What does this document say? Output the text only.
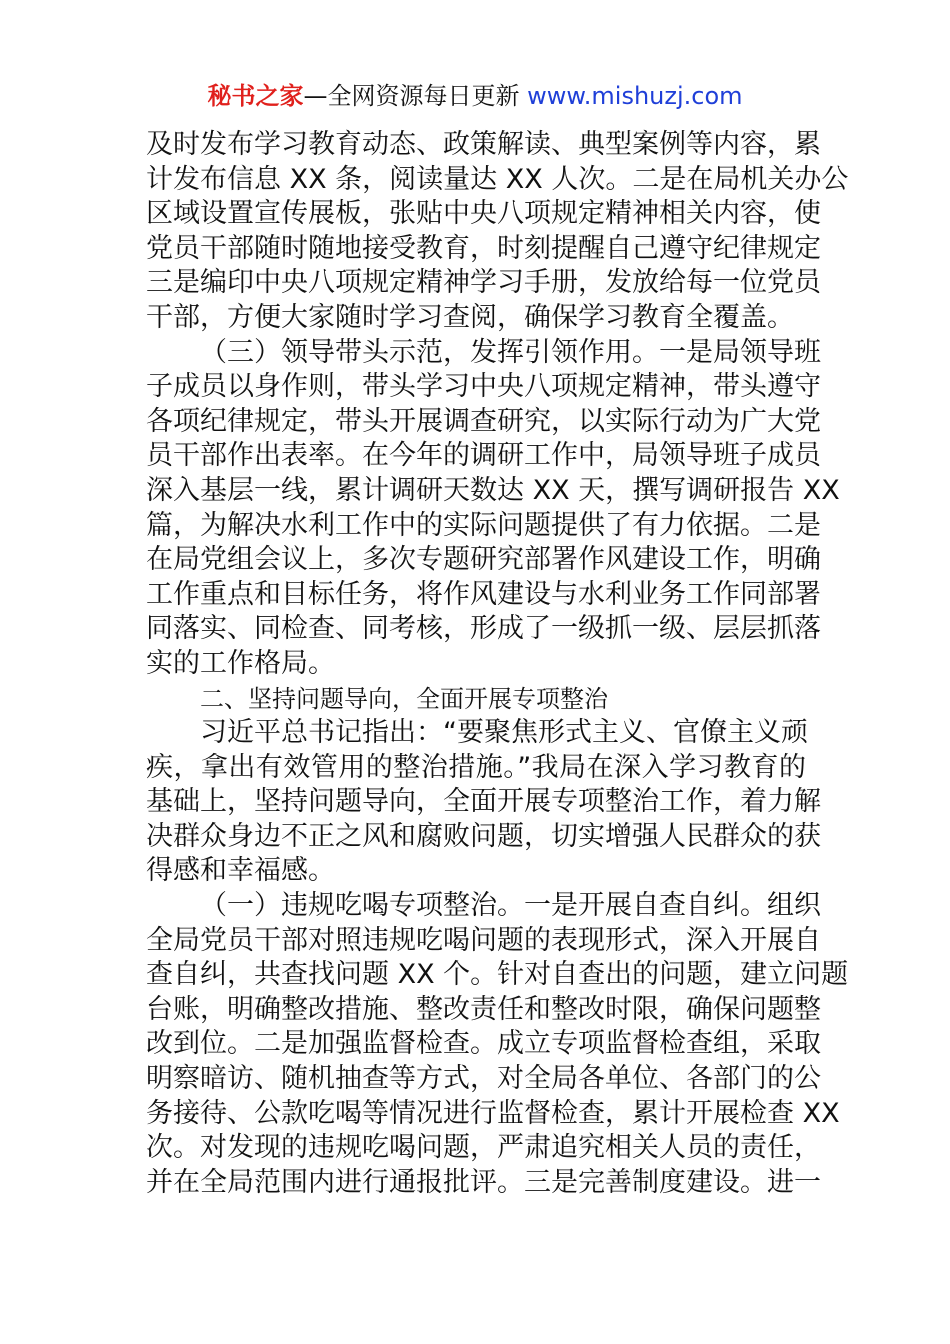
秘书之家—全网资源每日更新 www.mishuzj.com
及时发布学习教育动态、政策解读、典型案例等内容，累
计发布信息 XX 条，阅读量达 XX 人次。二是在局机关办公
区域设置宣传展板，张贴中央八项规定精神相关内容，使
党员干部随时随地接受教育，时刻提醒自己遵守纪律规定
三是编印中央八项规定精神学习手册，发放给每一位党员
干部，方便大家随时学习查阅，确保学习教育全覆盖。
（三）领导带头示范，发挥引领作用。一是局领导班
子成员以身作则，带头学习中央八项规定精神，带头遵守
各项纪律规定，带头开展调查研究，以实际行动为广大党
员干部作出表率。在今年的调研工作中，局领导班子成员
深入基层一线，累计调研天数达 XX 天，撰写调研报告 XX
篇，为解决水利工作中的实际问题提供了有力依据。二是
在局党组会议上，多次专题研究部署作风建设工作，明确
工作重点和目标任务，将作风建设与水利业务工作同部署
同落实、同检查、同考核，形成了一级抓一级、层层抓落
实的工作格局。
二、坚持问题导向，全面开展专项整治
习近平总书记指出：“要聚焦形式主义、官僚主义顽
疾，拿出有效管用的整治措施。”我局在深入学习教育的
基础上，坚持问题导向，全面开展专项整治工作，着力解
决群众身边不正之风和腐败问题，切实增强人民群众的获
得感和幸福感。
（一）违规吃喝专项整治。一是开展自查自纠。组织
全局党员干部对照违规吃喝问题的表现形式，深入开展自
查自纠，共查找问题 XX 个。针对自查出的问题，建立问题
台账，明确整改措施、整改责任和整改时限，确保问题整
改到位。二是加强监督检查。成立专项监督检查组，采取
明察暗访、随机抽查等方式，对全局各单位、各部门的公
务接待、公款吃喝等情况进行监督检查，累计开展检查 XX
次。对发现的违规吃喝问题，严肃追究相关人员的责任，
并在全局范围内进行通报批评。三是完善制度建设。进一
